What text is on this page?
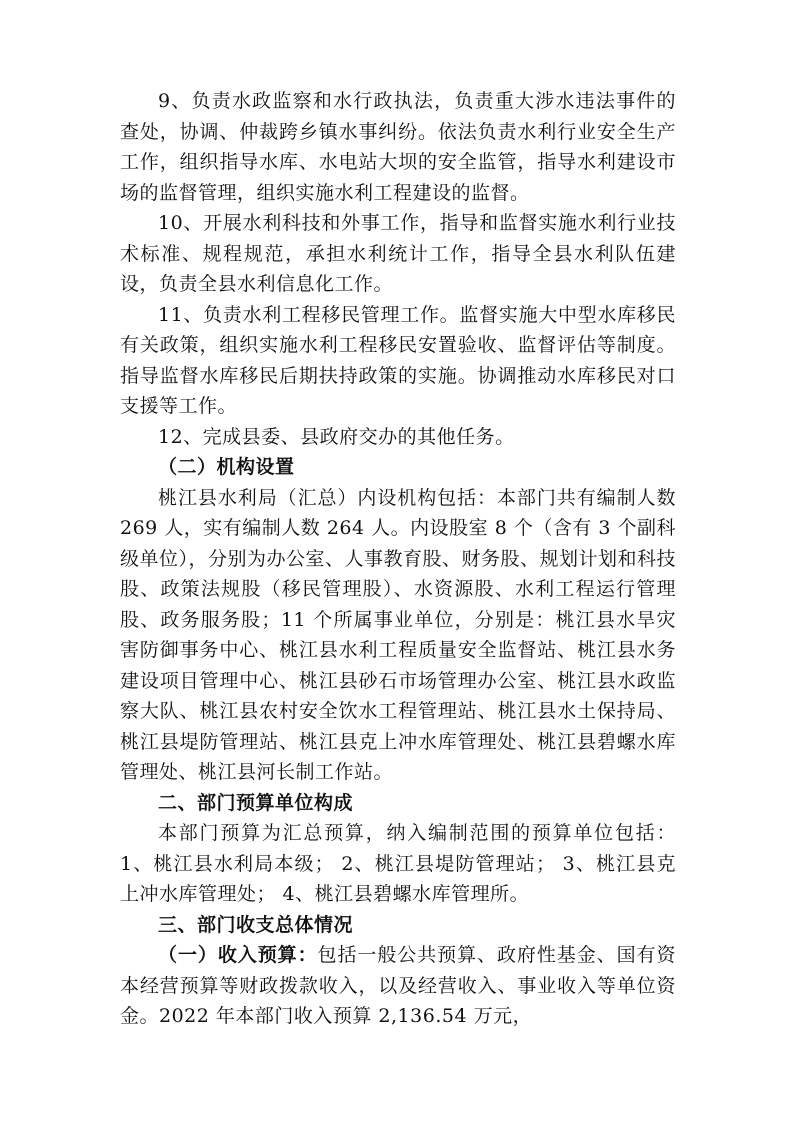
9、负责水政监察和水行政执法，负责重大涉水违法事件的查处，协调、仲裁跨乡镇水事纠纷。依法负责水利行业安全生产工作，组织指导水库、水电站大坝的安全监管，指导水利建设市场的监督管理，组织实施水利工程建设的监督。

10、开展水利科技和外事工作，指导和监督实施水利行业技术标准、规程规范，承担水利统计工作，指导全县水利队伍建设，负责全县水利信息化工作。

11、负责水利工程移民管理工作。监督实施大中型水库移民有关政策，组织实施水利工程移民安置验收、监督评估等制度。指导监督水库移民后期扶持政策的实施。协调推动水库移民对口支援等工作。

12、完成县委、县政府交办的其他任务。

（二）机构设置

桃江县水利局（汇总）内设机构包括：本部门共有编制人数 269 人，实有编制人数 264 人。内设股室 8 个（含有 3 个副科级单位），分别为办公室、人事教育股、财务股、规划计划和科技股、政策法规股（移民管理股）、水资源股、水利工程运行管理股、政务服务股；11 个所属事业单位，分别是：桃江县水旱灾害防御事务中心、桃江县水利工程质量安全监督站、桃江县水务建设项目管理中心、桃江县砂石市场管理办公室、桃江县水政监察大队、桃江县农村安全饮水工程管理站、桃江县水土保持局、桃江县堤防管理站、桃江县克上冲水库管理处、桃江县碧螺水库管理处、桃江县河长制工作站。

二、部门预算单位构成

本部门预算为汇总预算，纳入编制范围的预算单位包括：1、桃江县水利局本级； 2、桃江县堤防管理站； 3、桃江县克上冲水库管理处； 4、桃江县碧螺水库管理所。

三、部门收支总体情况

（一）收入预算：包括一般公共预算、政府性基金、国有资本经营预算等财政拨款收入，以及经营收入、事业收入等单位资金。2022 年本部门收入预算 2,136.54 万元，
